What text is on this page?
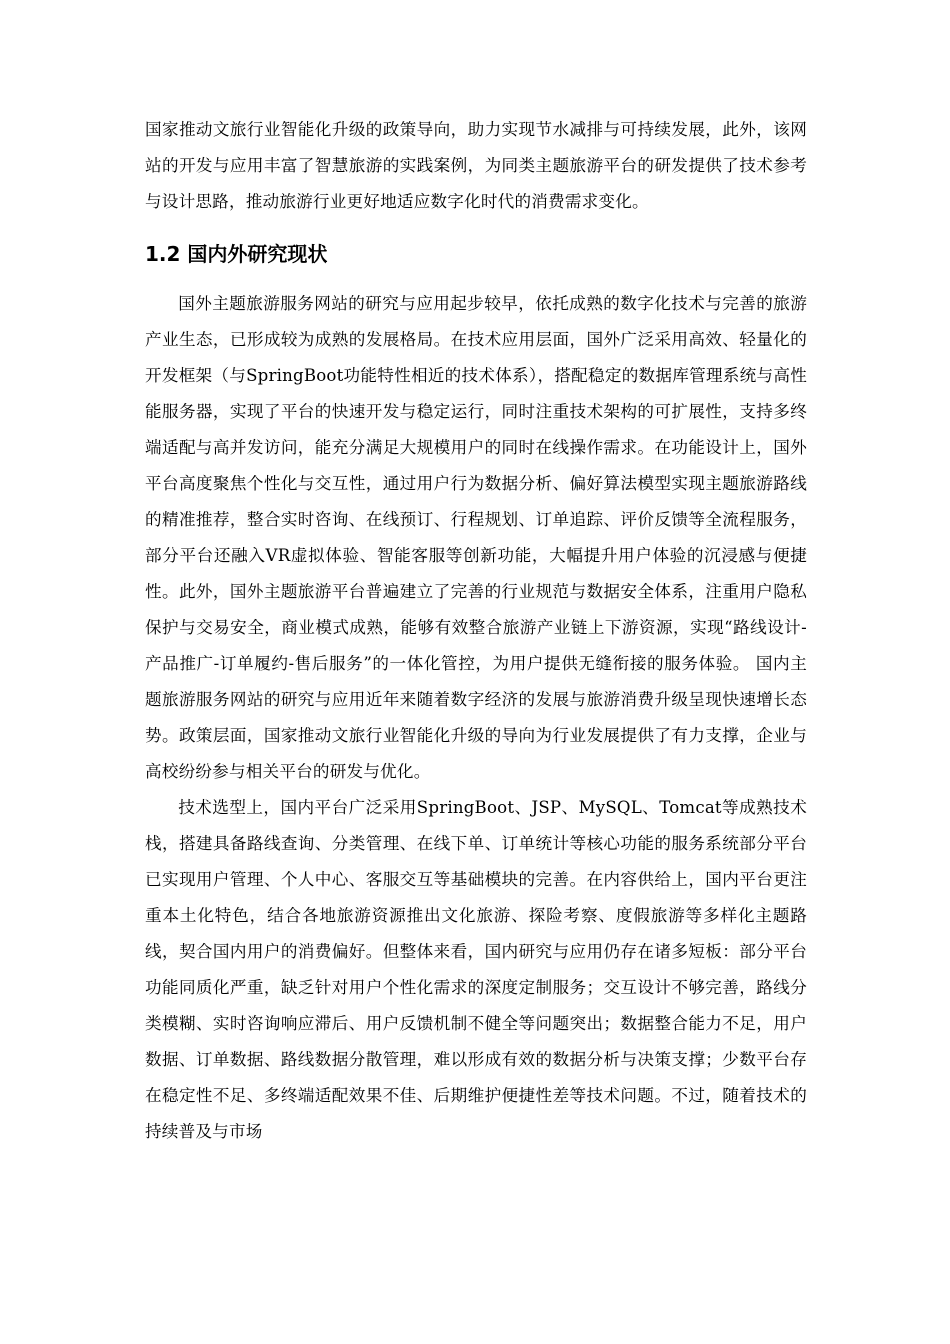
国家推动文旅行业智能化升级的政策导向，助力实现节水减排与可持续发展，此外，该网站的开发与应用丰富了智慧旅游的实践案例，为同类主题旅游平台的研发提供了技术参考与设计思路，推动旅游行业更好地适应数字化时代的消费需求变化。

1.2 国内外研究现状

国外主题旅游服务网站的研究与应用起步较早，依托成熟的数字化技术与完善的旅游产业生态，已形成较为成熟的发展格局。在技术应用层面，国外广泛采用高效、轻量化的开发框架（与SpringBoot功能特性相近的技术体系），搭配稳定的数据库管理系统与高性能服务器，实现了平台的快速开发与稳定运行，同时注重技术架构的可扩展性，支持多终端适配与高并发访问，能充分满足大规模用户的同时在线操作需求。在功能设计上，国外平台高度聚焦个性化与交互性，通过用户行为数据分析、偏好算法模型实现主题旅游路线的精准推荐，整合实时咨询、在线预订、行程规划、订单追踪、评价反馈等全流程服务，部分平台还融入VR虚拟体验、智能客服等创新功能，大幅提升用户体验的沉浸感与便捷性。此外，国外主题旅游平台普遍建立了完善的行业规范与数据安全体系，注重用户隐私保护与交易安全，商业模式成熟，能够有效整合旅游产业链上下游资源，实现“路线设计-产品推广-订单履约-售后服务”的一体化管控，为用户提供无缝衔接的服务体验。 国内主题旅游服务网站的研究与应用近年来随着数字经济的发展与旅游消费升级呈现快速增长态势。政策层面，国家推动文旅行业智能化升级的导向为行业发展提供了有力支撑，企业与高校纷纷参与相关平台的研发与优化。

技术选型上，国内平台广泛采用SpringBoot、JSP、MySQL、Tomcat等成熟技术栈，搭建具备路线查询、分类管理、在线下单、订单统计等核心功能的服务系统部分平台已实现用户管理、个人中心、客服交互等基础模块的完善。在内容供给上，国内平台更注重本土化特色，结合各地旅游资源推出文化旅游、探险考察、度假旅游等多样化主题路线，契合国内用户的消费偏好。但整体来看，国内研究与应用仍存在诸多短板：部分平台功能同质化严重，缺乏针对用户个性化需求的深度定制服务；交互设计不够完善，路线分类模糊、实时咨询响应滞后、用户反馈机制不健全等问题突出；数据整合能力不足，用户数据、订单数据、路线数据分散管理，难以形成有效的数据分析与决策支撑；少数平台存在稳定性不足、多终端适配效果不佳、后期维护便捷性差等技术问题。不过，随着技术的持续普及与市场
